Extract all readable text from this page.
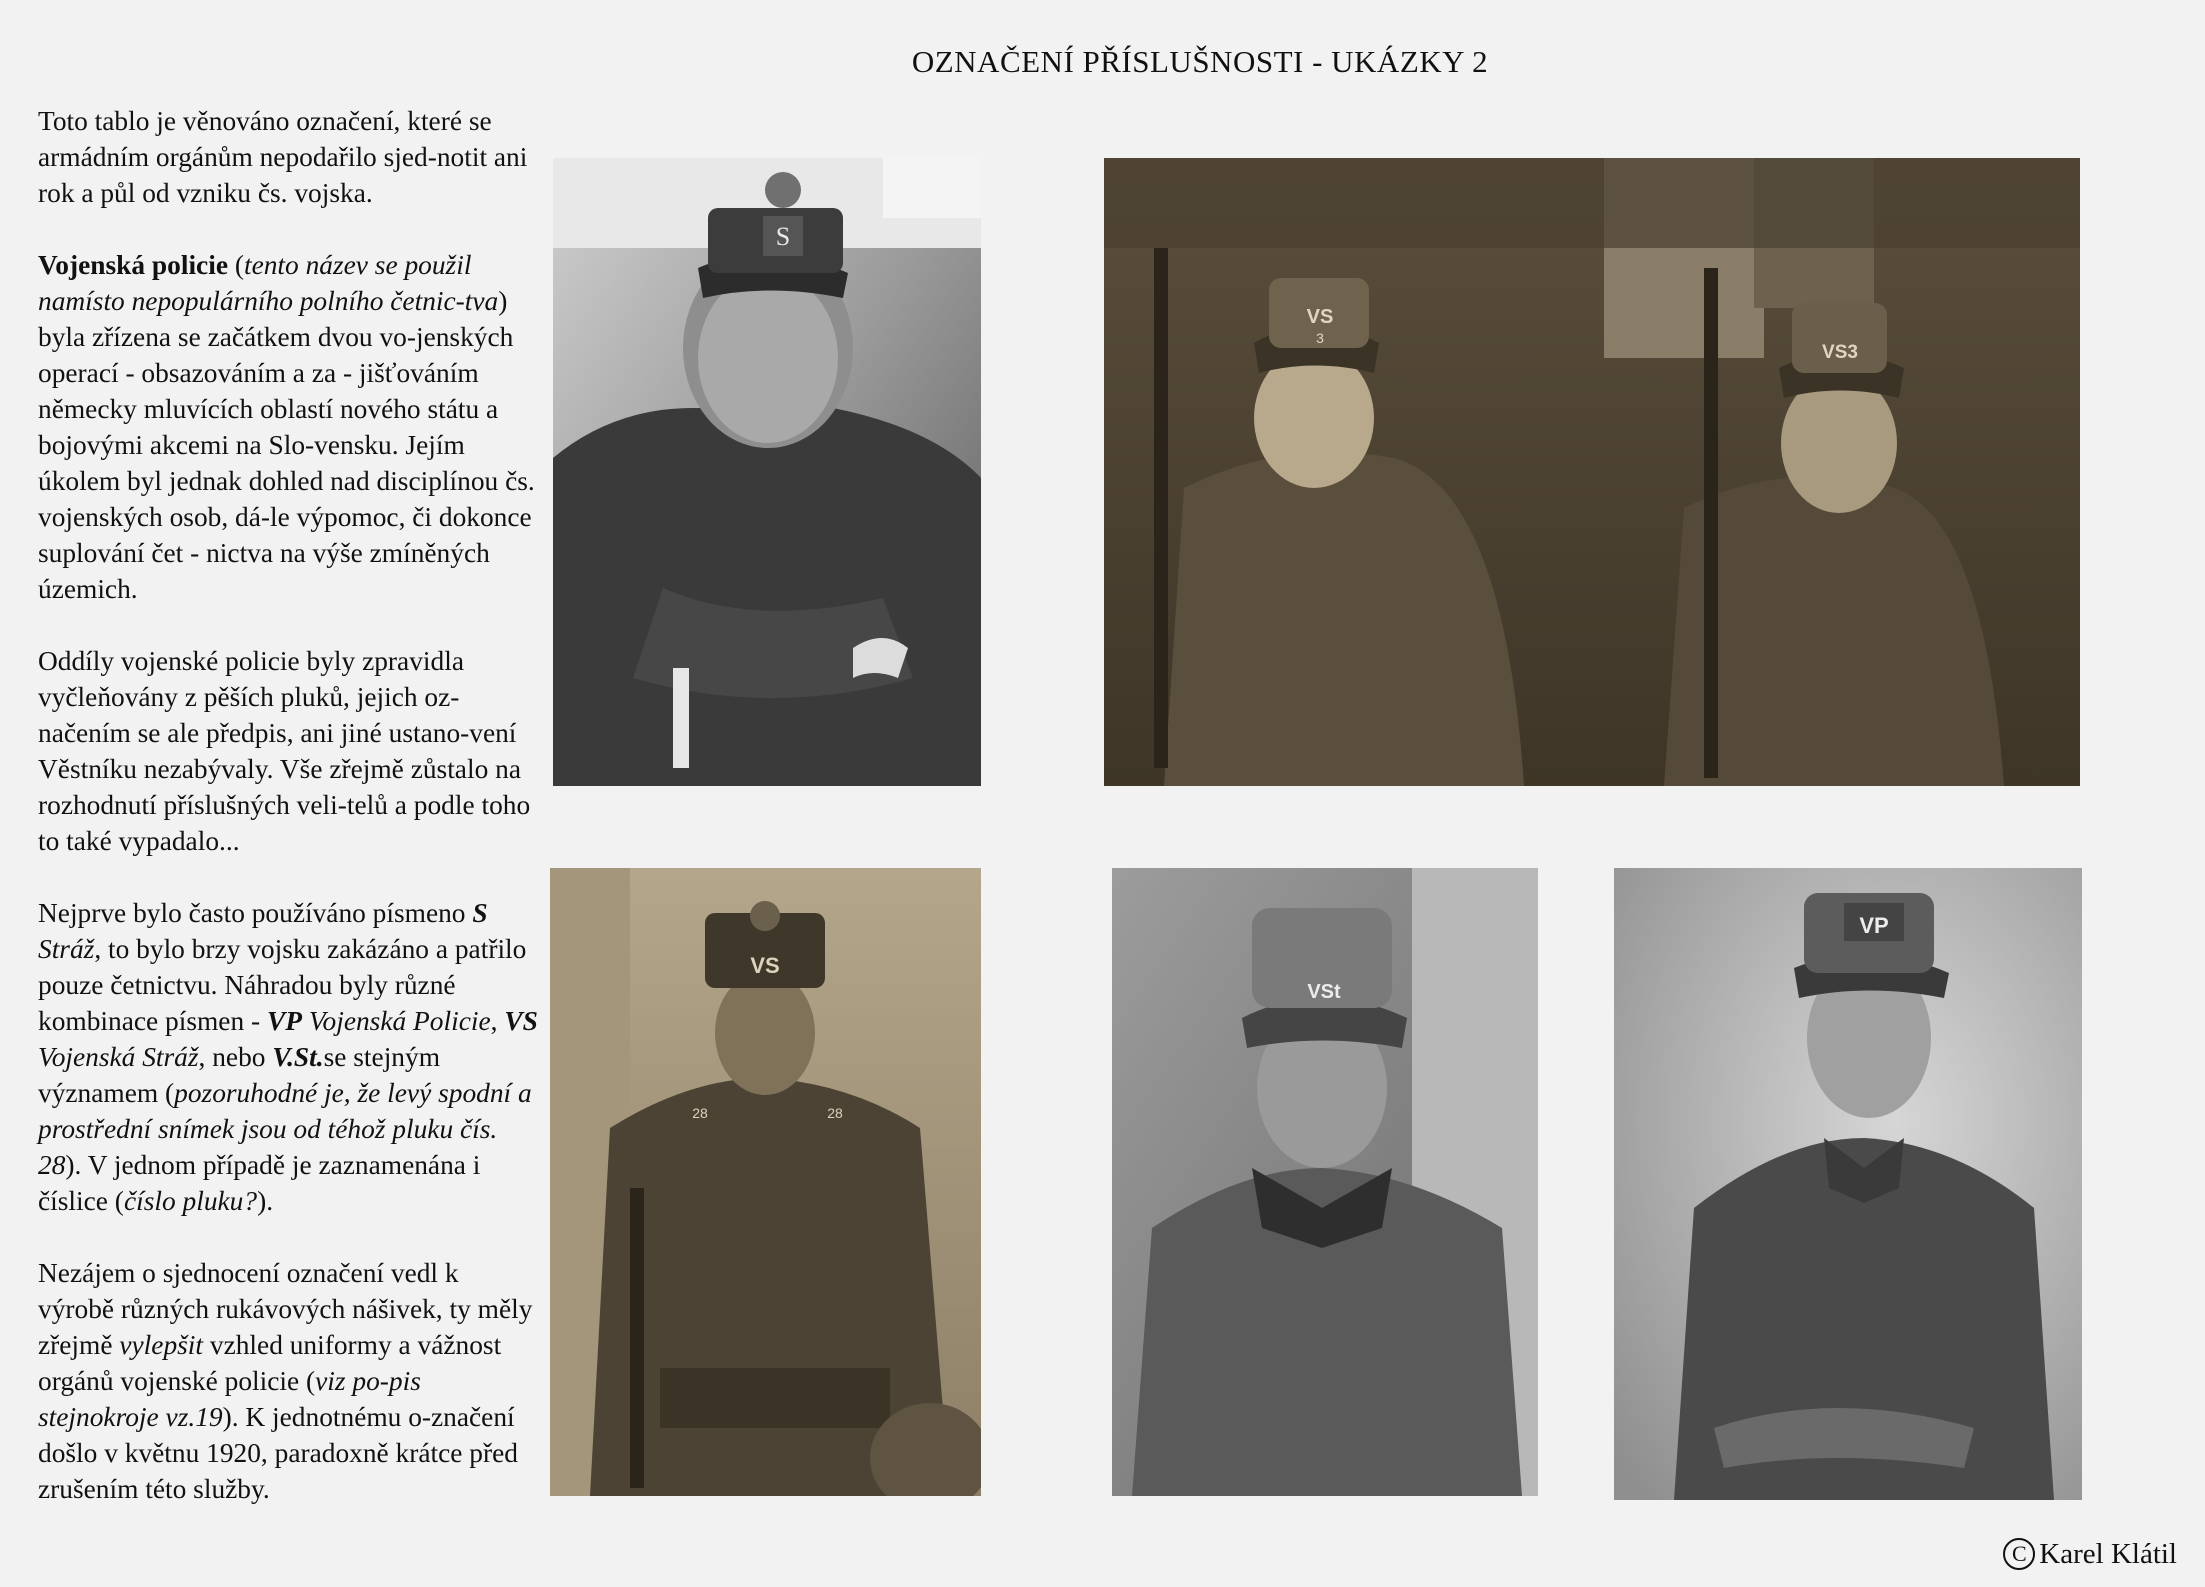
OZNAČENÍ PŘÍSLUŠNOSTI - UKÁZKY 2

Toto tablo je věnováno označení, které se armádním orgánům nepodařilo sjed-notit ani rok a půl od vzniku čs. vojska.

Vojenská policie (tento název se použil namísto nepopulárního polního četnic-tva) byla zřízena se začátkem dvou vo-jenských operací - obsazováním a za - jišťováním německy mluvících oblastí nového státu a bojovými akcemi na Slo-vensku. Jejím úkolem byl jednak dohled nad disciplínou čs. vojenských osob, dá-le výpomoc, či dokonce suplování čet - nictva na výše zmíněných územich.

Oddíly vojenské policie byly zpravidla vyčleňovány z pěších pluků, jejich oz-načením se ale předpis, ani jiné ustano-vení Věstníku nezabývaly. Vše zřejmě zůstalo na rozhodnutí příslušných veli-telů a podle toho to také vypadalo...

Nejprve bylo často používáno písmeno S Stráž, to bylo brzy vojsku zakázáno a patřilo pouze četnictvu. Náhradou byly různé kombinace písmen - VP Vojenská Policie, VS Vojenská Stráž, nebo V.St.se stejným významem (pozoruhodné je, že levý spodní a prostřední snímek jsou od téhož pluku čís. 28). V jednom případě je zaznamenána i číslice (číslo pluku?).

Nezájem o sjednocení označení vedl k výrobě různých rukávových nášivek, ty měly zřejmě vylepšit vzhled uniformy a vážnost orgánů vojenské policie (viz po-pis stejnokroje vz.19). K jednotnému o-značení došlo v květnu 1920, paradoxně krátce před zrušením této služby.

S
VS
3
VS3
VS
28	28
VSt
VP
C Karel Klátil
